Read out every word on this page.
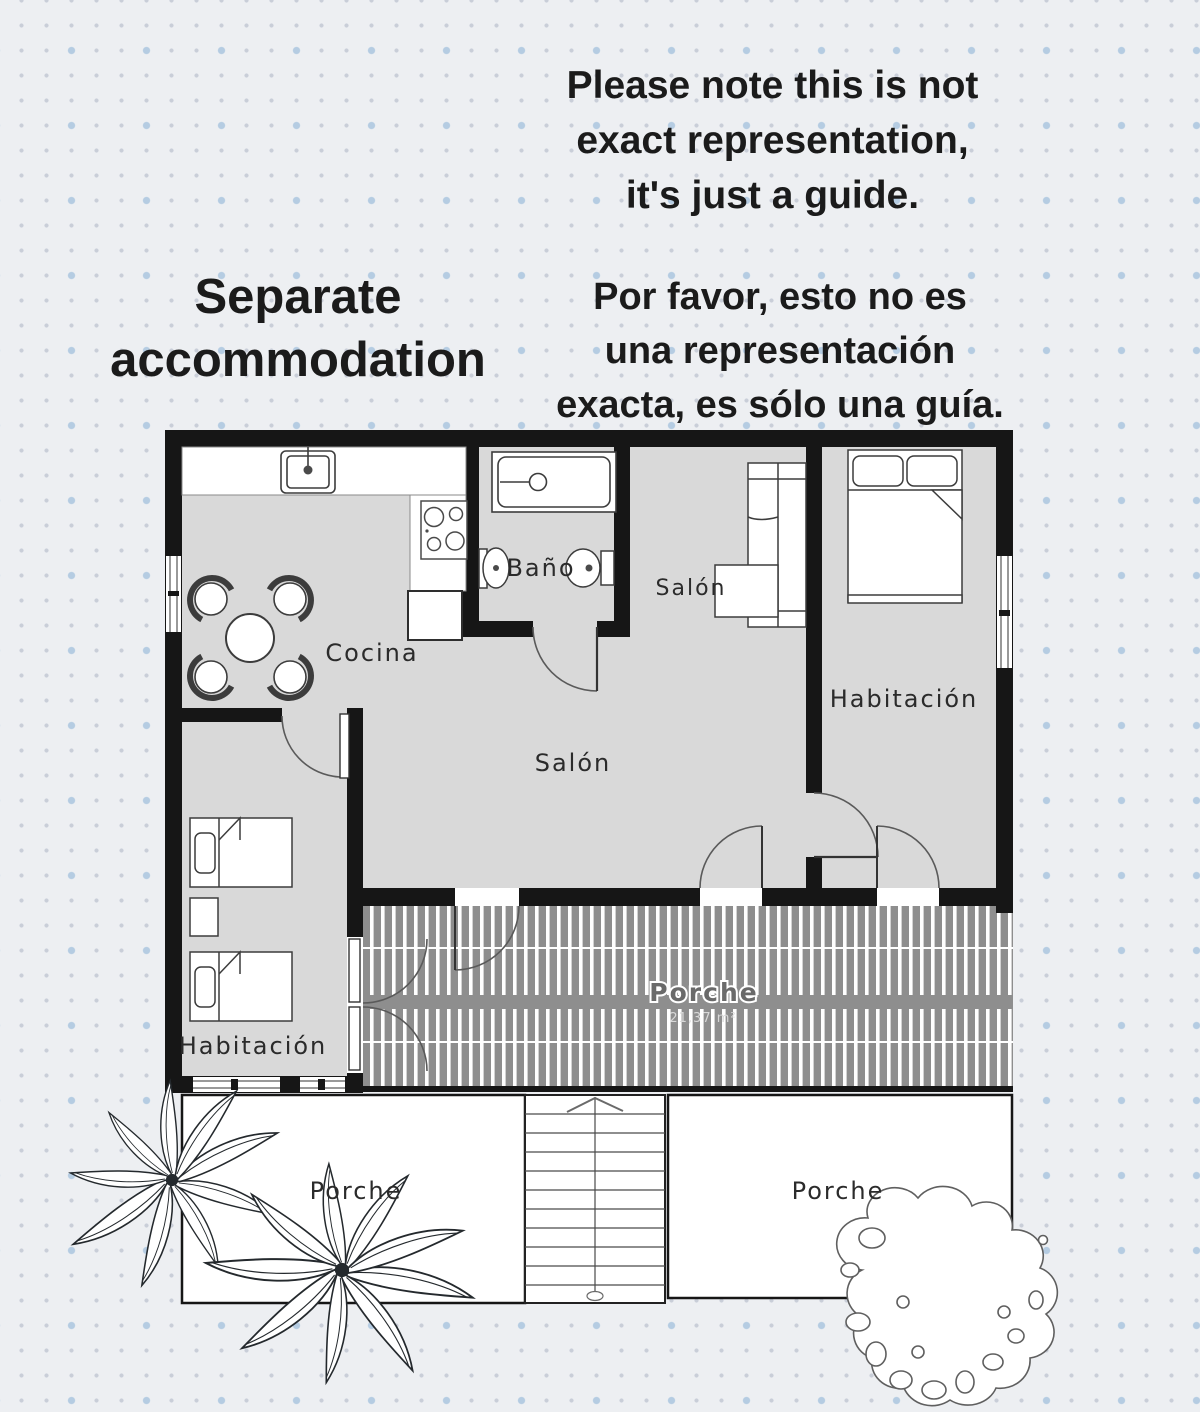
Please note this is not
exact representation,
it's just a guide.
Separate
accommodation
Por favor, esto no es
una representación
exacta, es sólo una guía.
Cocina
Baño
Salón
Salón
Habitación
Habitación
Porche
21,37 m²
Porche	Porche
